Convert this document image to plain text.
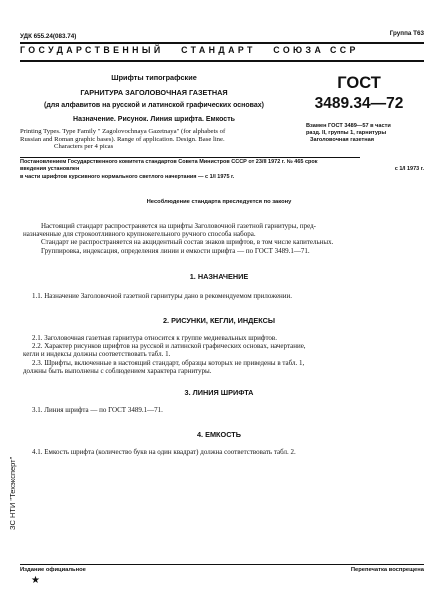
УДК 655.24(083.74)	Группа Т63
ГОСУДАРСТВЕННЫЙ   СТАНДАРТ   СОЮЗА ССР
Шрифты типографские
ГАРНИТУРА ЗАГОЛОВОЧНАЯ ГАЗЕТНАЯ
(для алфавитов на русской и латинской графических основах)
Назначение. Рисунок. Линия шрифта. Емкость
Printing Types. Type Family " Zagolovochnaya Gazetnaya" (for alphabets of
Russian and Roman graphic bases). Range of application. Design. Base line.
Characters per 4 picas
ГОСТ
3489.34—72
Взамен ГОСТ 3489—57 в части
разд. II, группы 1, гарнитуры
Заголовочная газетная
Постановлением Государственного комитета стандартов Совета Министров СССР от 23/II 1972 г. № 465 срок
введения установлен	с 1/I 1973 г.
в части шрифтов курсивного нормального светлого начертания — с 1/I 1975 г.
Несоблюдение стандарта преследуется по закону
Настоящий стандарт распространяется на шрифты Заголовочной газетной гарнитуры, пред-
назначенные для строкоотливного крупнокегельного ручного способа набора.
Стандарт не распространяется на акцидентный состав знаков шрифтов, в том числе капительных.
Группировка, индексация, определения линии и емкости шрифта — по ГОСТ 3489.1—71.
1. НАЗНАЧЕНИЕ
1.1. Назначение Заголовочной газетной гарнитуры дано в рекомендуемом приложении.
2. РИСУНКИ, КЕГЛИ, ИНДЕКСЫ
2.1. Заголовочная газетная гарнитура относится к группе медиевальных шрифтов.
2.2. Характер рисунков шрифтов на русской и латинской графических основах, начертание,
кегли и индексы должны соответствовать табл. 1.
2.3. Шрифты, включенные в настоящий стандарт, образцы которых не приведены в табл. 1,
должны быть выполнены с соблюдением характера гарнитуры.
3. ЛИНИЯ ШРИФТА
3.1. Линия шрифта — по ГОСТ 3489.1—71.
4. ЕМКОСТЬ
4.1. Емкость шрифта (количество букв на один квадрат) должна соответствовать табл. 2.
ЗС НТИ "Техэксперт"
Издание официальное	Перепечатка воспрещена
★
